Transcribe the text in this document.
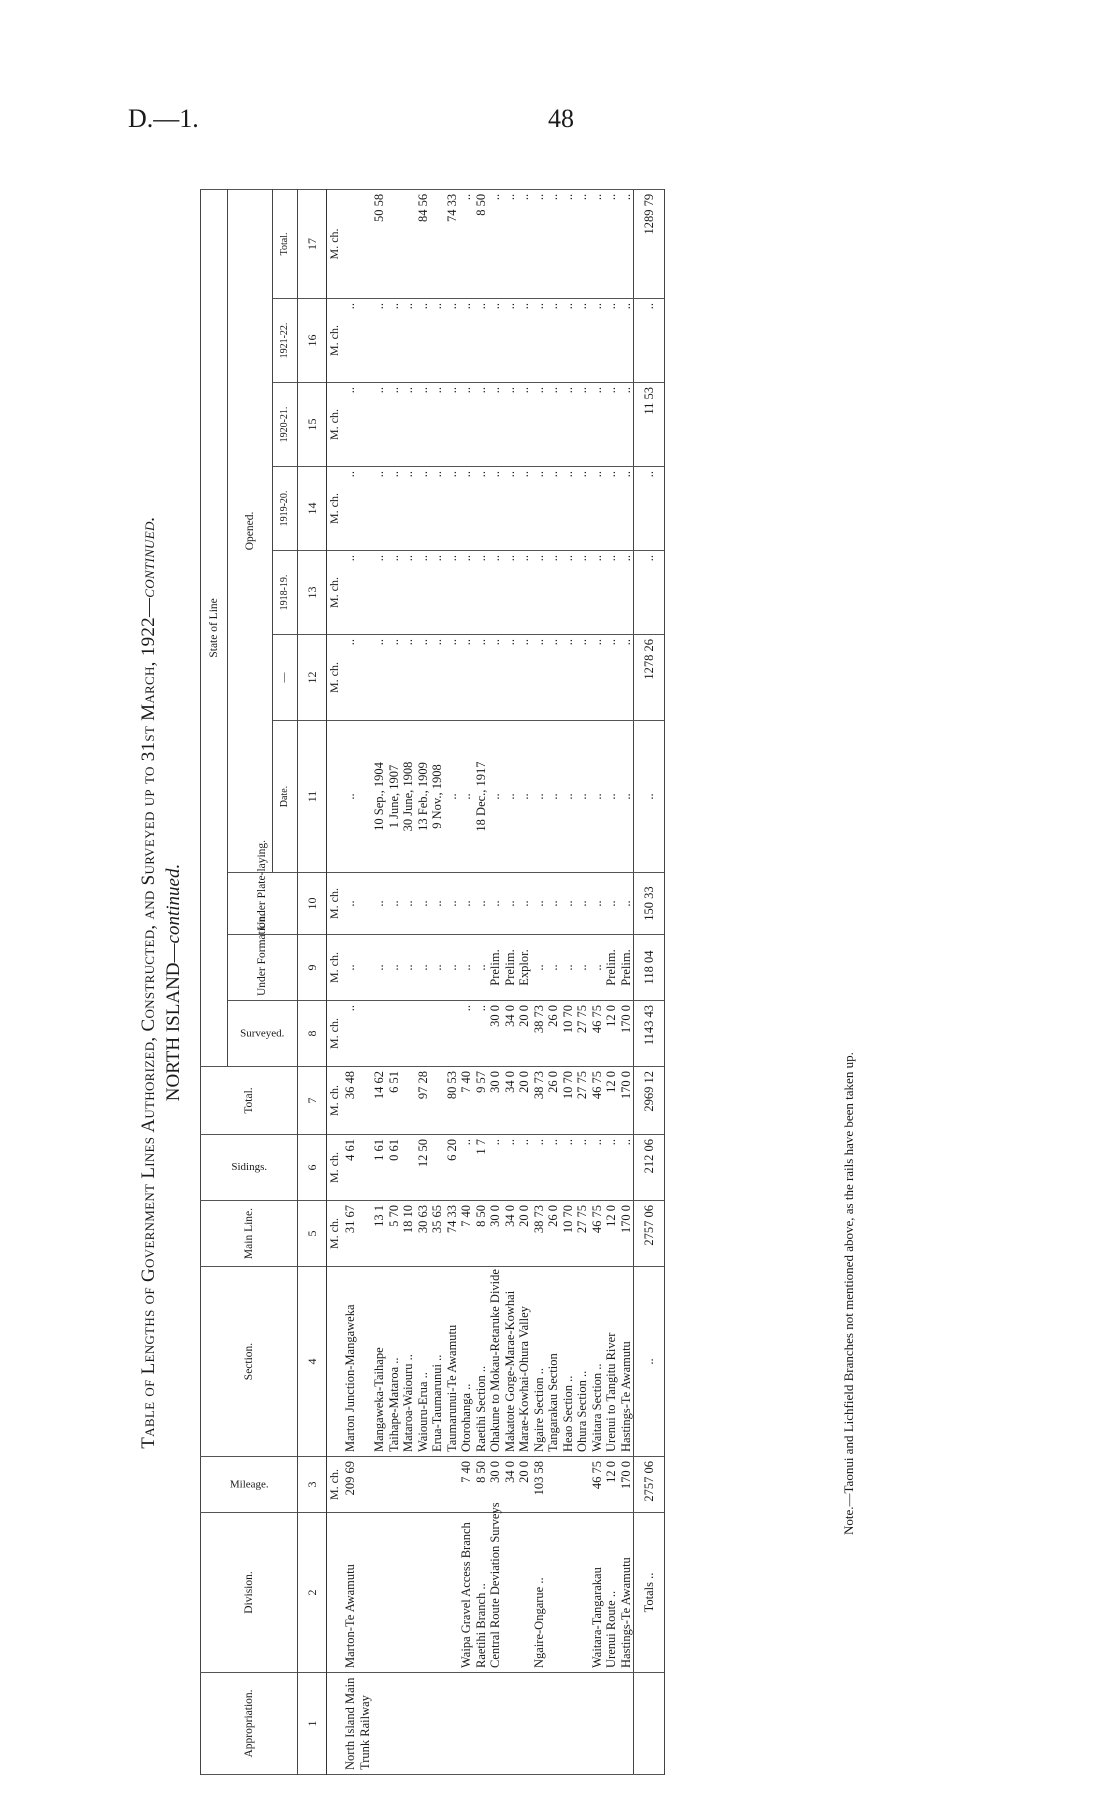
D.—1.	48
Table of Lengths of Government Lines Authorized, Constructed, and Surveyed up to 31st March, 1922—continued.
NORTH ISLAND—continued.
Appropriation.	Division.	Mileage.	Section.	Main Line.	Sidings.	Total.	State of Line									
							Surveyed.	Under Formation.	Under Plate-laying.	Opened.						
										Date.	—	1918-19.	1919-20.	1920-21.	1921-22.	Total.
1	2	3	4	5	6	7	8	9	10	11	12	13	14	15	16	17
		M. ch.		M. ch.	M. ch.	M. ch.	M. ch.	M. ch.	M. ch.		M. ch.	M. ch.	M. ch.	M. ch.	M. ch.	M. ch.
North Island Main Trunk Railway	Marton-Te Awamutu	209 69	Marton Junction-Mangaweka	31 67	4 61	36 48	..	..	..	..	..	..	..	..	..	
			Mangaweka-Taihape	13 1	1 61	14 62		..	..	10 Sep., 1904	..	..	..	..	..	50 58
			Taihape-Mataroa ..	5 70	0 61	6 51		..	..	1 June, 1907	..	..	..	..	..	
			Mataroa-Waiouru ..	18 10				..	..	30 June, 1908	..	..	..	..	..	
			Waiouru-Erua ..	30 63	12 50	97 28		..	..	13 Feb., 1909	..	..	..	..	..	84 56
			Erua-Taumarunui ..	35 65				..	..	9 Nov., 1908	..	..	..	..	..	
			Taumarunui-Te Awamutu	74 33	6 20	80 53		..	..	..	..	..	..	..	..	74 33
	Waipa Gravel Access Branch	7 40	Otorohanga ..	7 40	..	7 40	..	..	..	..	..	..	..	..	..	..
	Raetihi Branch ..	8 50	Raetihi Section ..	8 50	1 7	9 57	..	..	..	18 Dec., 1917	..	..	..	..	..	8 50
	Central Route Deviation Surveys	30 0	Ohakune to Mokau-Retaruke Divide	30 0	..	30 0	30 0	Prelim.	..	..	..	..	..	..	..	..
		34 0	Makatote Gorge-Marae-Kowhai	34 0	..	34 0	34 0	Prelim.	..	..	..	..	..	..	..	..
		20 0	Marae-Kowhai-Ohura Valley	20 0	..	20 0	20 0	Explor.	..	..	..	..	..	..	..	..
	Ngaire-Ongarue ..	103 58	Ngaire Section ..	38 73	..	38 73	38 73	..	..	..	..	..	..	..	..	..
			Tangarakau Section	26 0	..	26 0	26 0	..	..	..	..	..	..	..	..	..
			Heao Section ..	10 70	..	10 70	10 70	..	..	..	..	..	..	..	..	..
			Ohura Section ..	27 75	..	27 75	27 75	..	..	..	..	..	..	..	..	..
	Waitara-Tangarakau	46 75	Waitara Section ..	46 75	..	46 75	46 75	..	..	..	..	..	..	..	..	..
	Urenui Route ..	12 0	Urenui to Tangitu River	12 0	..	12 0	12 0	Prelim.	..	..	..	..	..	..	..	..
	Hastings-Te Awamutu	170 0	Hastings-Te Awamutu	170 0	..	170 0	170 0	Prelim.	..	..	..	..	..	..	..	..
	Totals ..	2757 06	..	2757 06	212 06	2969 12	1143 43	118 04	150 33	..	1278 26	..	..	11 53	..	1289 79
Note.—Taonui and Lichfield Branches not mentioned above, as the rails have been taken up.
